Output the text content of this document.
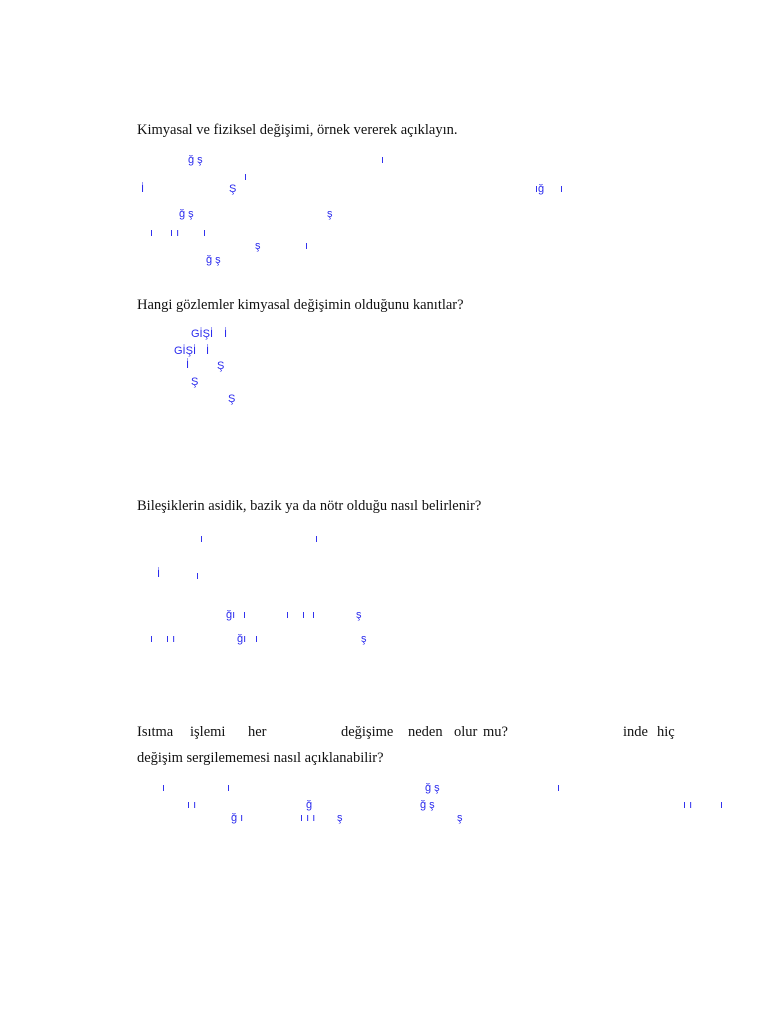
Kimyasal ve fiziksel değişimi, örnek vererek açıklayın.
ğ ş	ı
ı
İ	Ş	ığ ı
ğ ş	ş
ı ı ı ı
ş	ı
ğ ş
Hangi gözlemler kimyasal değişimin olduğunu kanıtlar?
GİŞİ İ
GİŞİ İ
İ	Ş
Ş
Ş
Bileşiklerin asidik, bazik ya da nötr olduğu nasıl belirlenir?
ı	ı
İ	ı
ğı ı	ı ı ı	ş
ı ı ı	ğı ı	ş
Isıtma işlemi her	değişime neden olur mu?	inde hiç
değişim sergilememesi nasıl açıklanabilir?
ı	ı	ğ ş	ı
ı ı	ğ	ğ ş	ı ı	ı
ğ ı	ı ı ı ş	ş
